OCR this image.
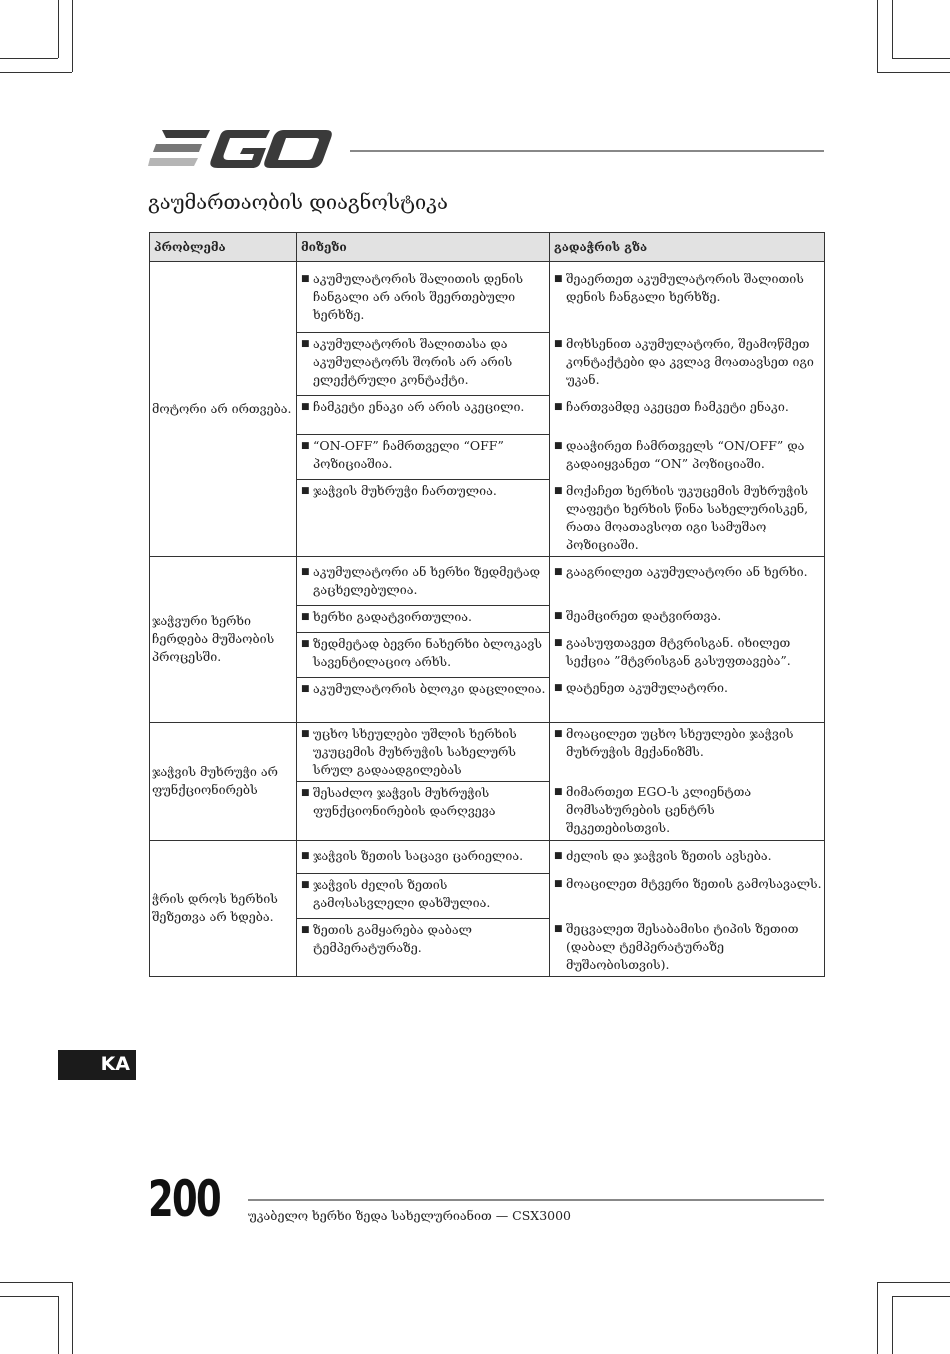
გაუმართაობის დიაგნოსტიკა
პრობლემა	მიზეზი	გადაჭრის გზა
მოტორი არ ირთვება.	■ აკუმულატორის შალითის დენის ჩანგალი არ არის შეერთებული ხერხზე.	■ შეაერთეთ აკუმულატორის შალითის დენის ჩანგალი ხერხზე.

	■ აკუმულატორის შალითასა და აკუმულატორს შორის არ არის ელექტრული კონტაქტი.	■ მოხსენით აკუმულატორი, შეამოწმეთ კონტაქტები და კვლავ მოათავსეთ იგი უკან.

	■ ჩამკეტი ენაკი არ არის აკეცილი.	■ ჩართვამდე აკეცეთ ჩამკეტი ენაკი.

	■ “ON-OFF” ჩამრთველი “OFF” პოზიციაშია.	■ დააჭირეთ ჩამრთველს “ON/OFF” და გადაიყვანეთ “ON” პოზიციაში.

	■ ჯაჭვის მუხრუჭი ჩართულია.	■ მოქაჩეთ ხერხის უკუცემის მუხრუჭის ლაფეტი ხერხის წინა სახელურისკენ, რათა მოათავსოთ იგი სამუშაო პოზიციაში.

ჯაჭვური ხერხი ჩერდება მუშაობის პროცესში.	■ აკუმულატორი ან ხერხი ზედმეტად გაცხელებულია.	■ გააგრილეთ აკუმულატორი ან ხერხი.

	■ ხერხი გადატვირთულია.	■ შეამცირეთ დატვირთვა.

	■ ზედმეტად ბევრი ნახერხი ბლოკავს სავენტილაციო არხს.	■ გაასუფთავეთ მტვრისგან. იხილეთ სექცია ”მტვრისგან გასუფთავება”.

	■ აკუმულატორის ბლოკი დაცლილია.	■ დატენეთ აკუმულატორი.

ჯაჭვის მუხრუჭი არ ფუნქციონირებს	■ უცხო სხეულები უშლის ხერხის უკუცემის მუხრუჭის სახელურს სრულ გადაადგილებას	■ მოაცილეთ უცხო სხეულები ჯაჭვის მუხრუჭის მექანიზმს.

	■ შესაძლო ჯაჭვის მუხრუჭის ფუნქციონირების დარღვევა	■ მიმართეთ EGO-ს კლიენტთა მომსახურების ცენტრს შეკეთებისთვის.

ჭრის დროს ხერხის შეზეთვა არ ხდება.	■ ჯაჭვის ზეთის საცავი ცარიელია.	■ ძელის და ჯაჭვის ზეთის ავსება.

	■ ჯაჭვის ძელის ზეთის გამოსასვლელი დახშულია.	■ მოაცილეთ მტვერი ზეთის გამოსავალს.

	■ ზეთის გამყარება დაბალ ტემპერატურაზე.	■ შეცვალეთ შესაბამისი ტიპის ზეთით (დაბალ ტემპერატურაზე მუშაობისთვის).
KA
200 უკაბელო ხერხი ზედა სახელურიანით — CSX3000
